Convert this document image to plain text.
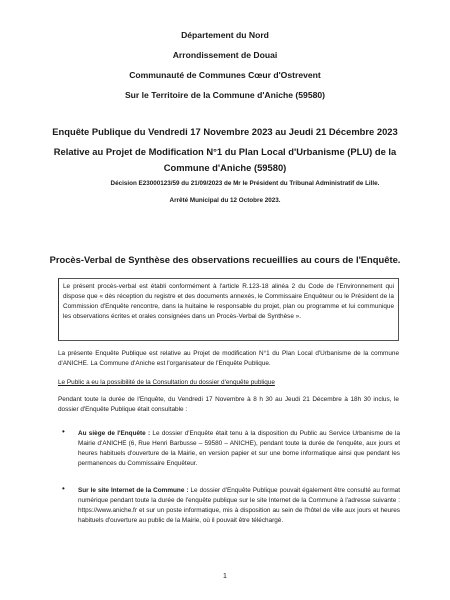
Département du Nord
Arrondissement de Douai
Communauté de Communes Cœur d'Ostrevent
Sur le Territoire de la Commune d'Aniche (59580)
Enquête Publique du Vendredi 17 Novembre 2023 au Jeudi 21 Décembre 2023
Relative au Projet de Modification N°1 du Plan Local d'Urbanisme (PLU) de la
Commune d'Aniche (59580)
Décision E23000123/59 du 21/09/2023 de Mr le Président du Tribunal Administratif de Lille.
Arrêté Municipal du 12 Octobre 2023.
Procès-Verbal de Synthèse des observations recueillies au cours de l'Enquête.
Le présent procès-verbal est établi conformément à l'article R.123-18 alinéa 2 du Code de l'Environnement qui dispose que « dès réception du registre et des documents annexés, le Commissaire Enquêteur ou le Président de la Commission d'Enquête rencontre, dans la huitaine le responsable du projet, plan ou programme et lui communique les observations écrites et orales consignées dans un Procès-Verbal de Synthèse ».
La présente Enquête Publique est relative au Projet de modification N°1 du Plan Local d'Urbanisme de la commune d'ANICHE. La Commune d'Aniche est l'organisateur de l'Enquête Publique.
Le Public a eu la possibilité de la Consultation du dossier d'enquête publique
Pendant toute la durée de l'Enquête, du Vendredi 17 Novembre à 8 h 30 au Jeudi 21 Décembre à 18h 30 inclus, le dossier d'Enquête Publique était consultable :
• Au siège de l'Enquête : Le dossier d'Enquête était tenu à la disposition du Public au Service Urbanisme de la Mairie d'ANICHE (6, Rue Henri Barbusse – 59580 – ANICHE), pendant toute la durée de l'enquête, aux jours et heures habituels d'ouverture de la Mairie, en version papier et sur une borne informatique ainsi que pendant les permanences du Commissaire Enquêteur.
• Sur le site Internet de la Commune : Le dossier d'Enquête Publique pouvait également être consulté au format numérique pendant toute la durée de l'enquête publique sur le site Internet de la Commune à l'adresse suivante : https://www.aniche.fr et sur un poste informatique, mis à disposition au sein de l'hôtel de ville aux jours et heures habituels d'ouverture au public de la Mairie, où il pouvait être téléchargé.
1
